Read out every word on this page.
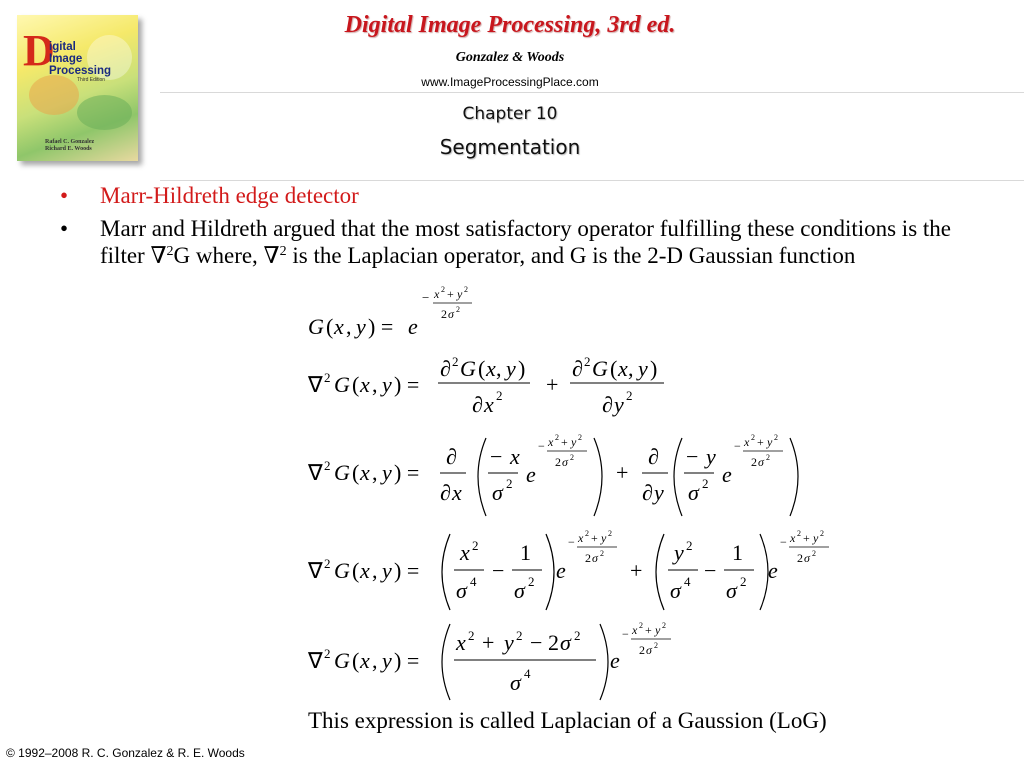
D
igital
Image
Processing
Third Edition
Rafael C. Gonzalez
Richard E. Woods
Digital Image Processing, 3rd ed.
Gonzalez & Woods
www.ImageProcessingPlace.com
Chapter 10
Segmentation
• Marr-Hildreth edge detector
• Marr and Hildreth argued that the most satisfactory operator fulfilling these conditions is the filter ∇$^2$G where, ∇$^2$ is the Laplacian operator, and G is the 2-D Gaussian function
G ( x , y ) = e
− x 2 + y 2
2 σ 2
∇ 2 G ( x , y ) =
∂ 2 G ( x , y )
∂ x 2 +
∂ 2 G ( x , y )
∂ y 2
∇ 2 G ( x , y ) =
∂
∂ x
− x
σ 2 e
− x 2 + y 2
2 σ 2
+
∂
∂ y
− y
σ 2 e
− x 2 + y 2
2 σ 2
∇ 2 G ( x , y ) =
x 2
σ 4 −
1
σ 2 e
− x 2 + y 2
2 σ 2
+
y 2
σ 4 −
1
σ 2 e
− x 2 + y 2
2 σ 2
∇ 2 G ( x , y ) =
x 2 + y 2 − 2 σ 2
σ 4
e
− x 2 + y 2
2 σ 2
This expression is called Laplacian of a Gaussion (LoG)
© 1992–2008 R. C. Gonzalez & R. E. Woods
